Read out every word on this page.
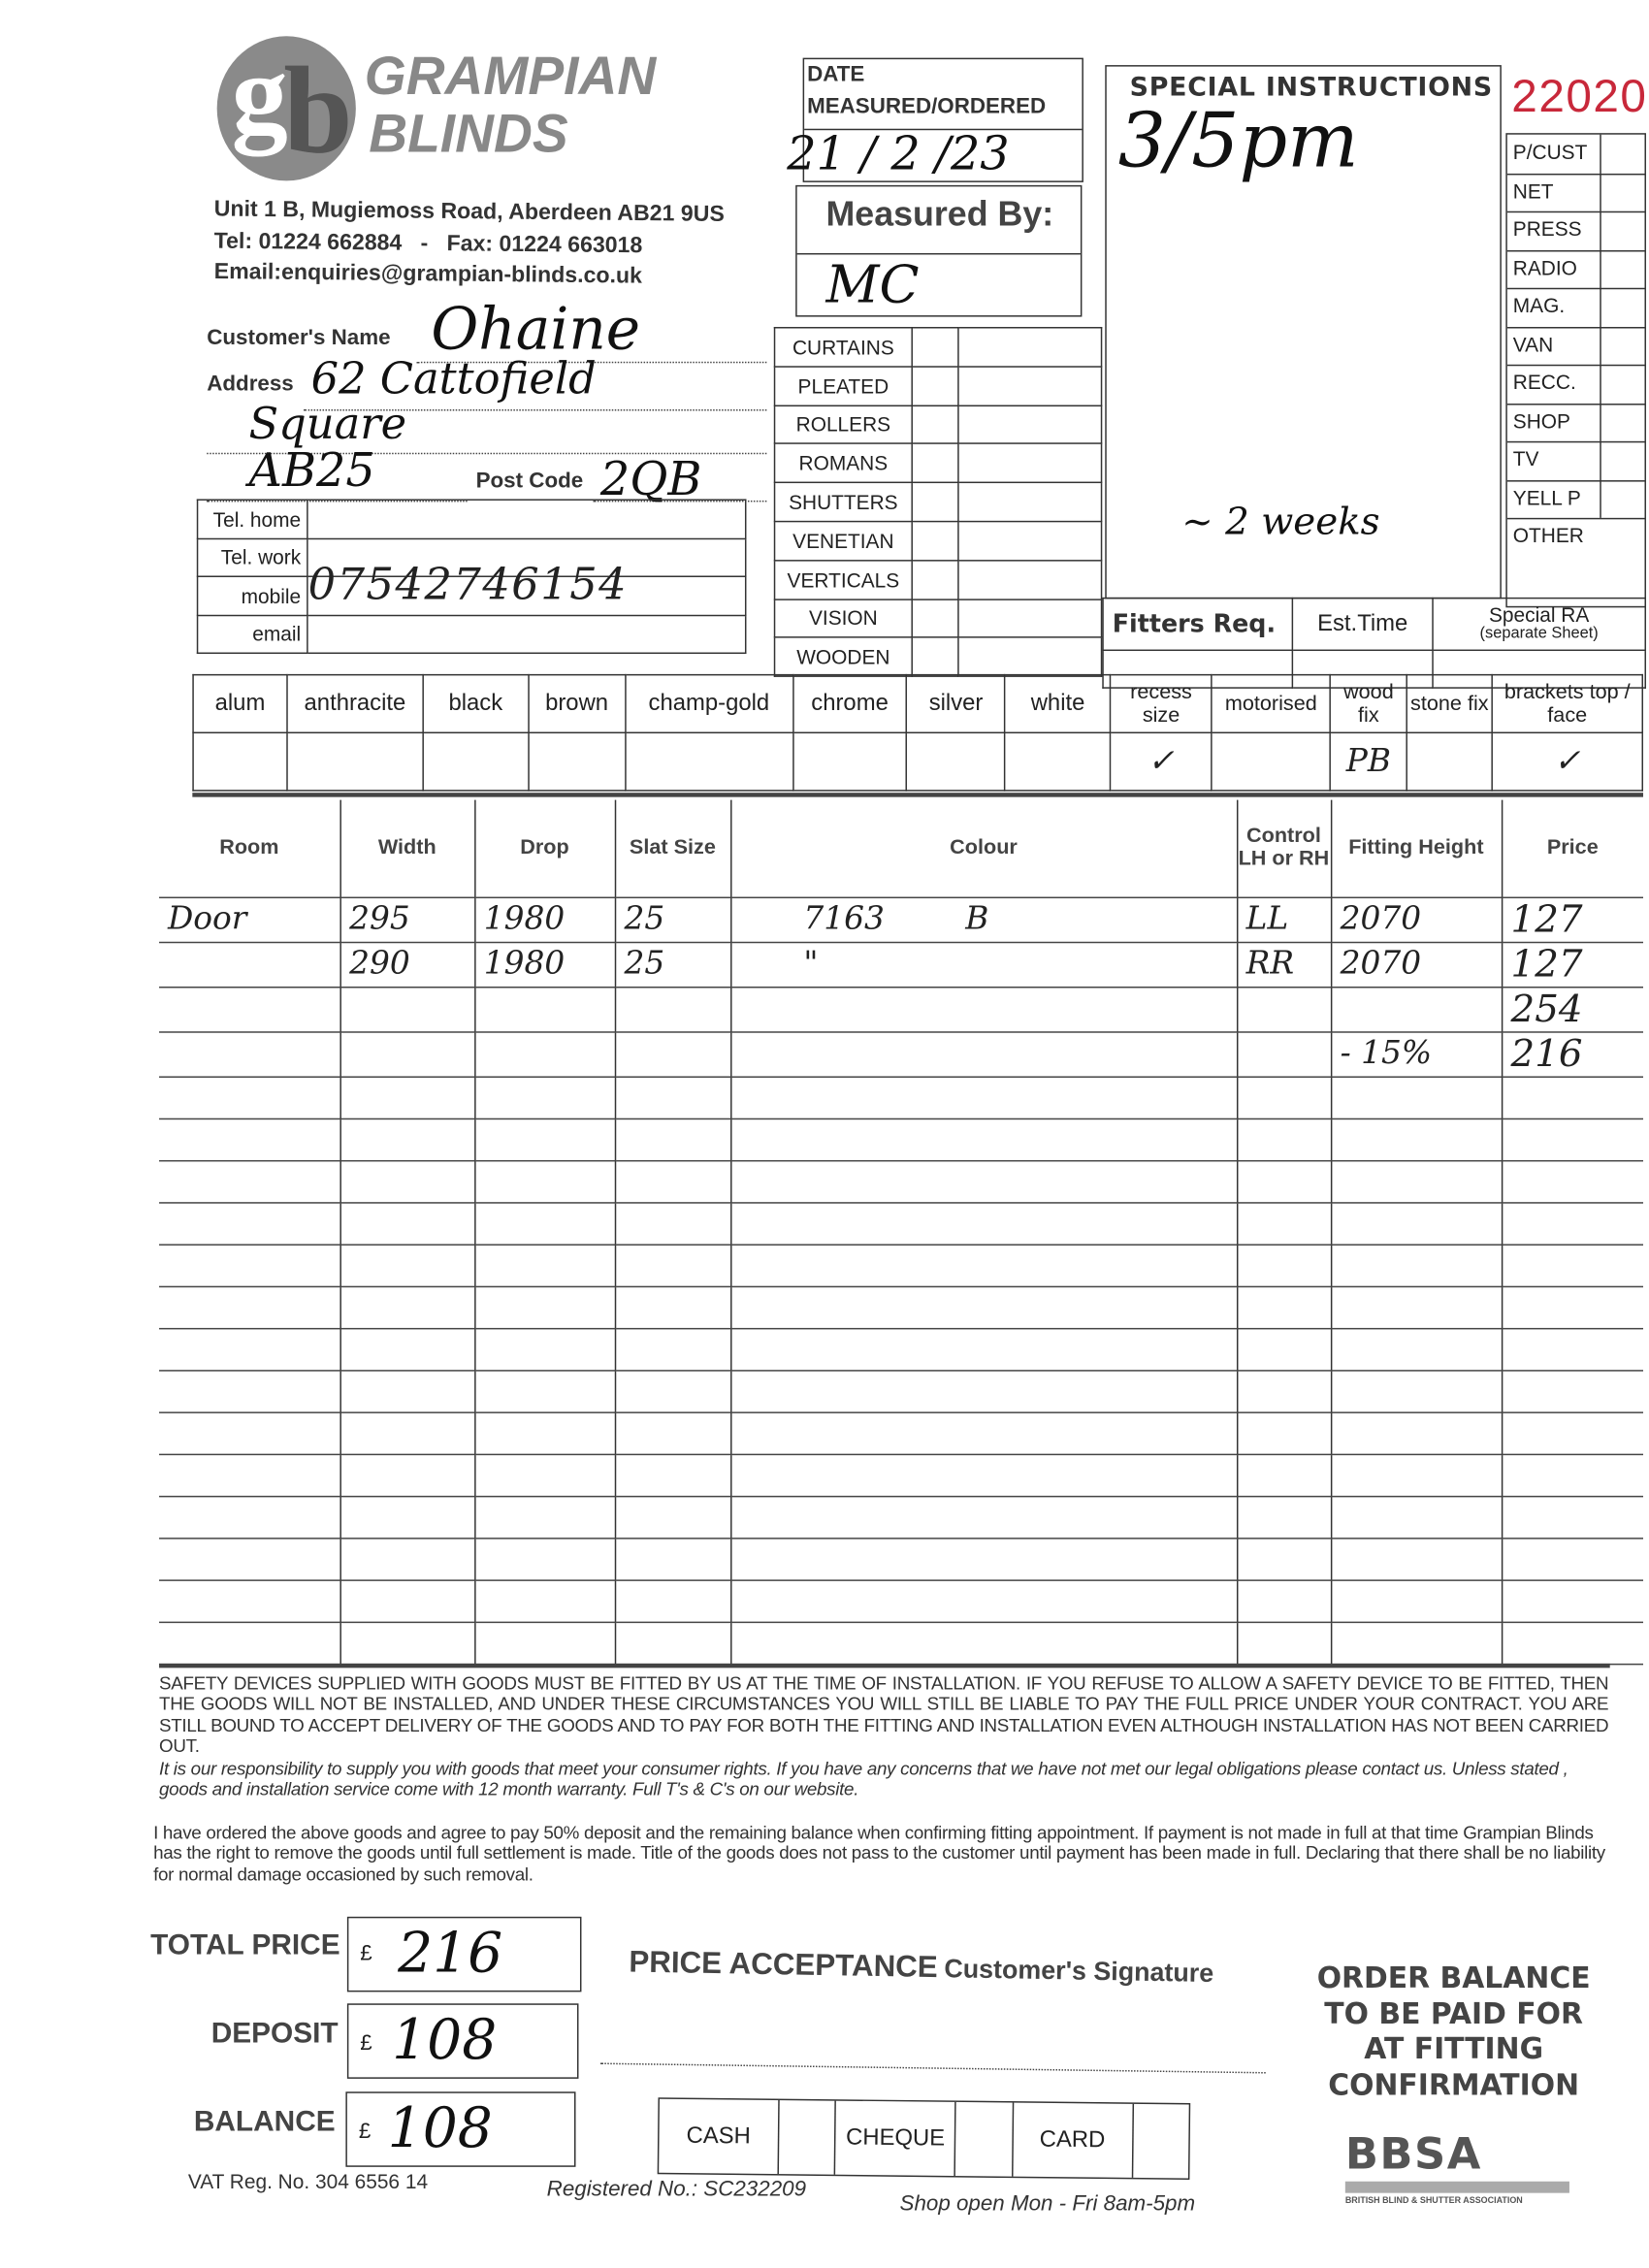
g
b GRAMPIAN
BLINDS
Unit 1 B, Mugiemoss Road, Aberdeen AB21 9US
Tel: 01224 662884   -   Fax: 01224 663018
Email:enquiries@grampian-blinds.co.uk
DATE
MEASURED/ORDERED
21 / 2 /23
Measured By:
MC
SPECIAL INSTRUCTIONS
3/5pm
~ 2 weeks
22020
P/CUST
NET
PRESS
RADIO
MAG.
VAN
RECC.
SHOP
TV
YELL P
OTHER
Customer's Name Ohaine
Address 62 Cattofield
Square
AB25	Post Code 2QB
Tel. home	

Tel. work	

mobile	07542746154

email	
CURTAINS		
PLEATED		
ROLLERS		
ROMANS		
SHUTTERS		
VENETIAN		
VERTICALS		
VISION		
WOODEN		
Fitters Req.	Est.Time	Special RA
(separate Sheet)

alum	anthracite	black	brown	champ-gold	chrome	silver	white	recess size	motorised	wood fix	stone fix	brackets top / face
								✓		PB		✓
Room	Width	Drop	Slat Size	Colour	Control LH or RH	Fitting Height	Price
Door	295	1980	25	7163        B	LL	2070	127
	290	1980	25	"	RR	2070	127
							254
						- 15%	216

SAFETY DEVICES SUPPLIED WITH GOODS MUST BE FITTED BY US AT THE TIME OF INSTALLATION. IF YOU REFUSE TO ALLOW A SAFETY DEVICE TO BE FITTED, THEN THE GOODS WILL NOT BE INSTALLED, AND UNDER THESE CIRCUMSTANCES YOU WILL STILL BE LIABLE TO PAY THE FULL PRICE UNDER YOUR CONTRACT. YOU ARE STILL BOUND TO ACCEPT DELIVERY OF THE GOODS AND TO PAY FOR BOTH THE FITTING AND INSTALLATION EVEN ALTHOUGH INSTALLATION HAS NOT BEEN CARRIED OUT.
It is our responsibility to supply you with goods that meet your consumer rights. If you have any concerns that we have not met our legal obligations please contact us. Unless stated , goods and installation service come with 12 month warranty. Full T's & C's on our website.
I have ordered the above goods and agree to pay 50% deposit and the remaining balance when confirming fitting appointment. If payment is not made in full at that time Grampian Blinds has the right to remove the goods until full settlement is made. Title of the goods does not pass to the customer until payment has been made in full. Declaring that there shall be no liability for normal damage occasioned by such removal.
TOTAL PRICE £ 216
DEPOSIT £ 108
BALANCE £ 108
PRICE ACCEPTANCE Customer's Signature
CASH	CHEQUE	CARD
ORDER BALANCE
TO BE PAID FOR
AT FITTING
CONFIRMATION
BBSA
BRITISH BLIND & SHUTTER ASSOCIATION
VAT Reg. No. 304 6556 14	Registered No.: SC232209
Shop open Mon - Fri 8am-5pm
